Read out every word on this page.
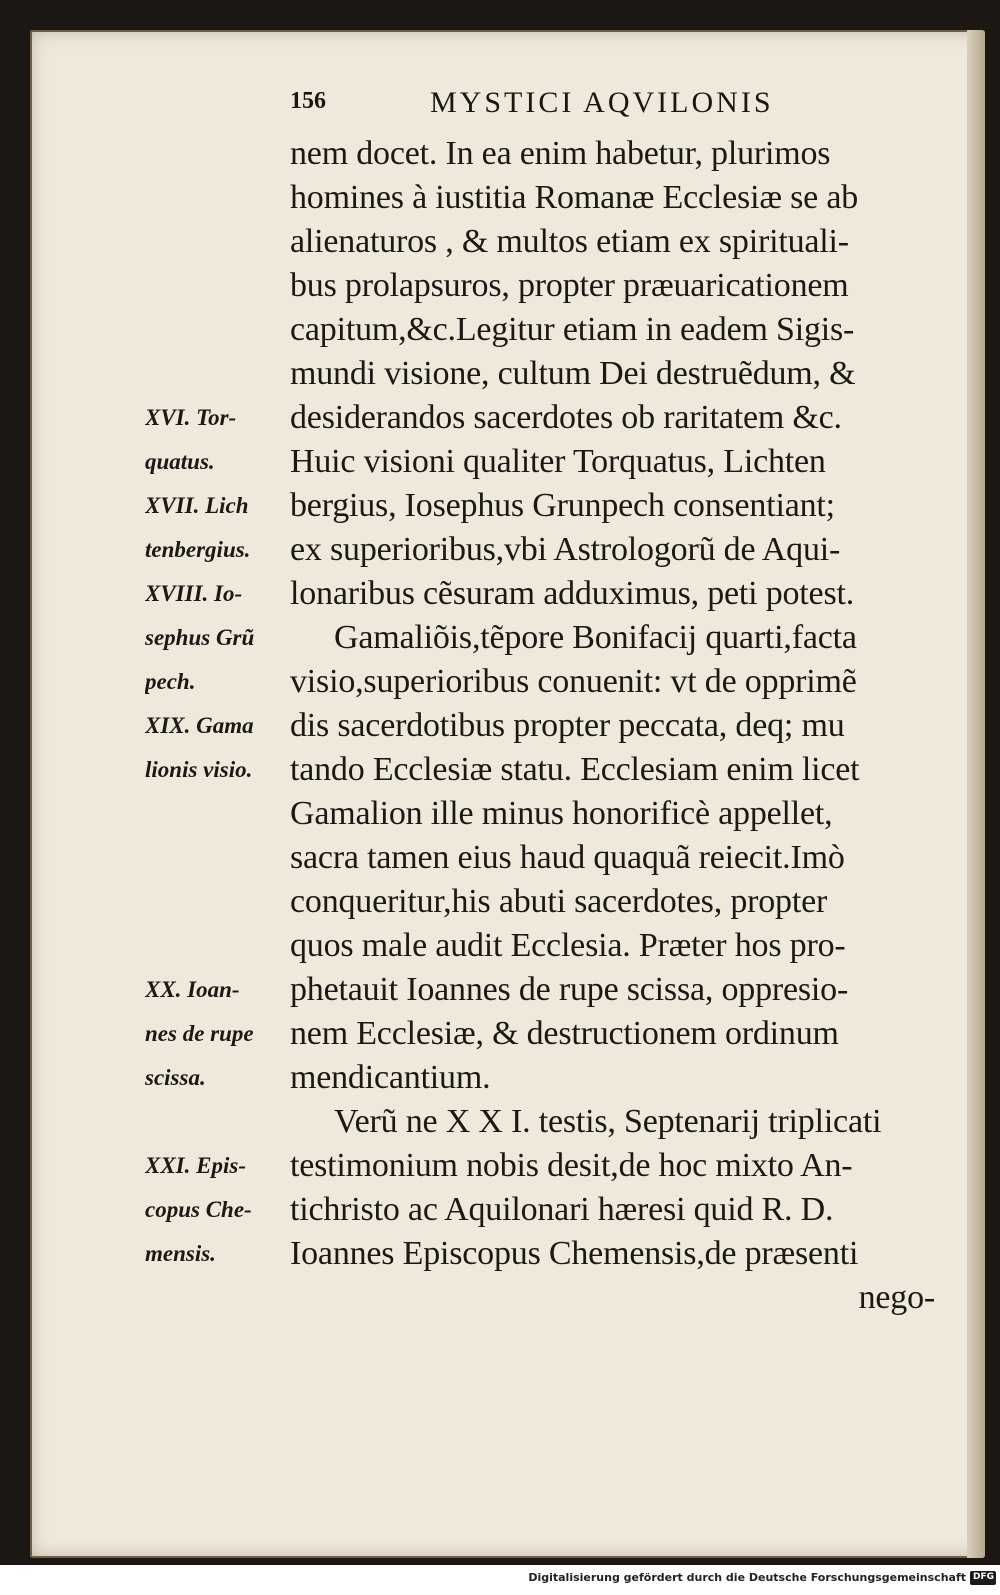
156	MYSTICI AQVILONIS
nem docet. In ea enim habetur, plurimos
homines à iustitia Romanæ Ecclesiæ se ab
alienaturos , & multos etiam ex spirituali-
bus prolapsuros, propter præuaricationem
capitum,&c.Legitur etiam in eadem Sigis-
mundi visione, cultum Dei destruẽdum, &
desiderandos sacerdotes ob raritatem &c.
Huic visioni qualiter Torquatus, Lichten
bergius, Iosephus Grunpech consentiant;
ex superioribus,vbi Astrologorũ de Aqui-
lonaribus cẽsuram adduximus, peti potest.
Gamaliõis,tẽpore Bonifacij quarti,facta
visio,superioribus conuenit: vt de opprimẽ
dis sacerdotibus propter peccata, deq; mu
tando Ecclesiæ statu. Ecclesiam enim licet
Gamalion ille minus honorificè appellet,
sacra tamen eius haud quaquã reiecit.Imò
conqueritur,his abuti sacerdotes, propter
quos male audit Ecclesia. Præter hos pro-
phetauit Ioannes de rupe scissa, oppresio-
nem Ecclesiæ, & destructionem ordinum
mendicantium.
Verũ ne X X I. testis, Septenarij triplicati
testimonium nobis desit,de hoc mixto An-
tichristo ac Aquilonari hæresi quid R. D.
Ioannes Episcopus Chemensis,de præsenti
nego-
XVI. Tor-
quatus.
XVII. Lich
tenbergius.
XVIII. Io-
sephus Grũ
pech.
XIX. Gama
lionis visio.
XX. Ioan-
nes de rupe
scissa.
XXI. Epis-
copus Che-
mensis.
Digitalisierung gefördert durch die Deutsche Forschungsgemeinschaft DFG
